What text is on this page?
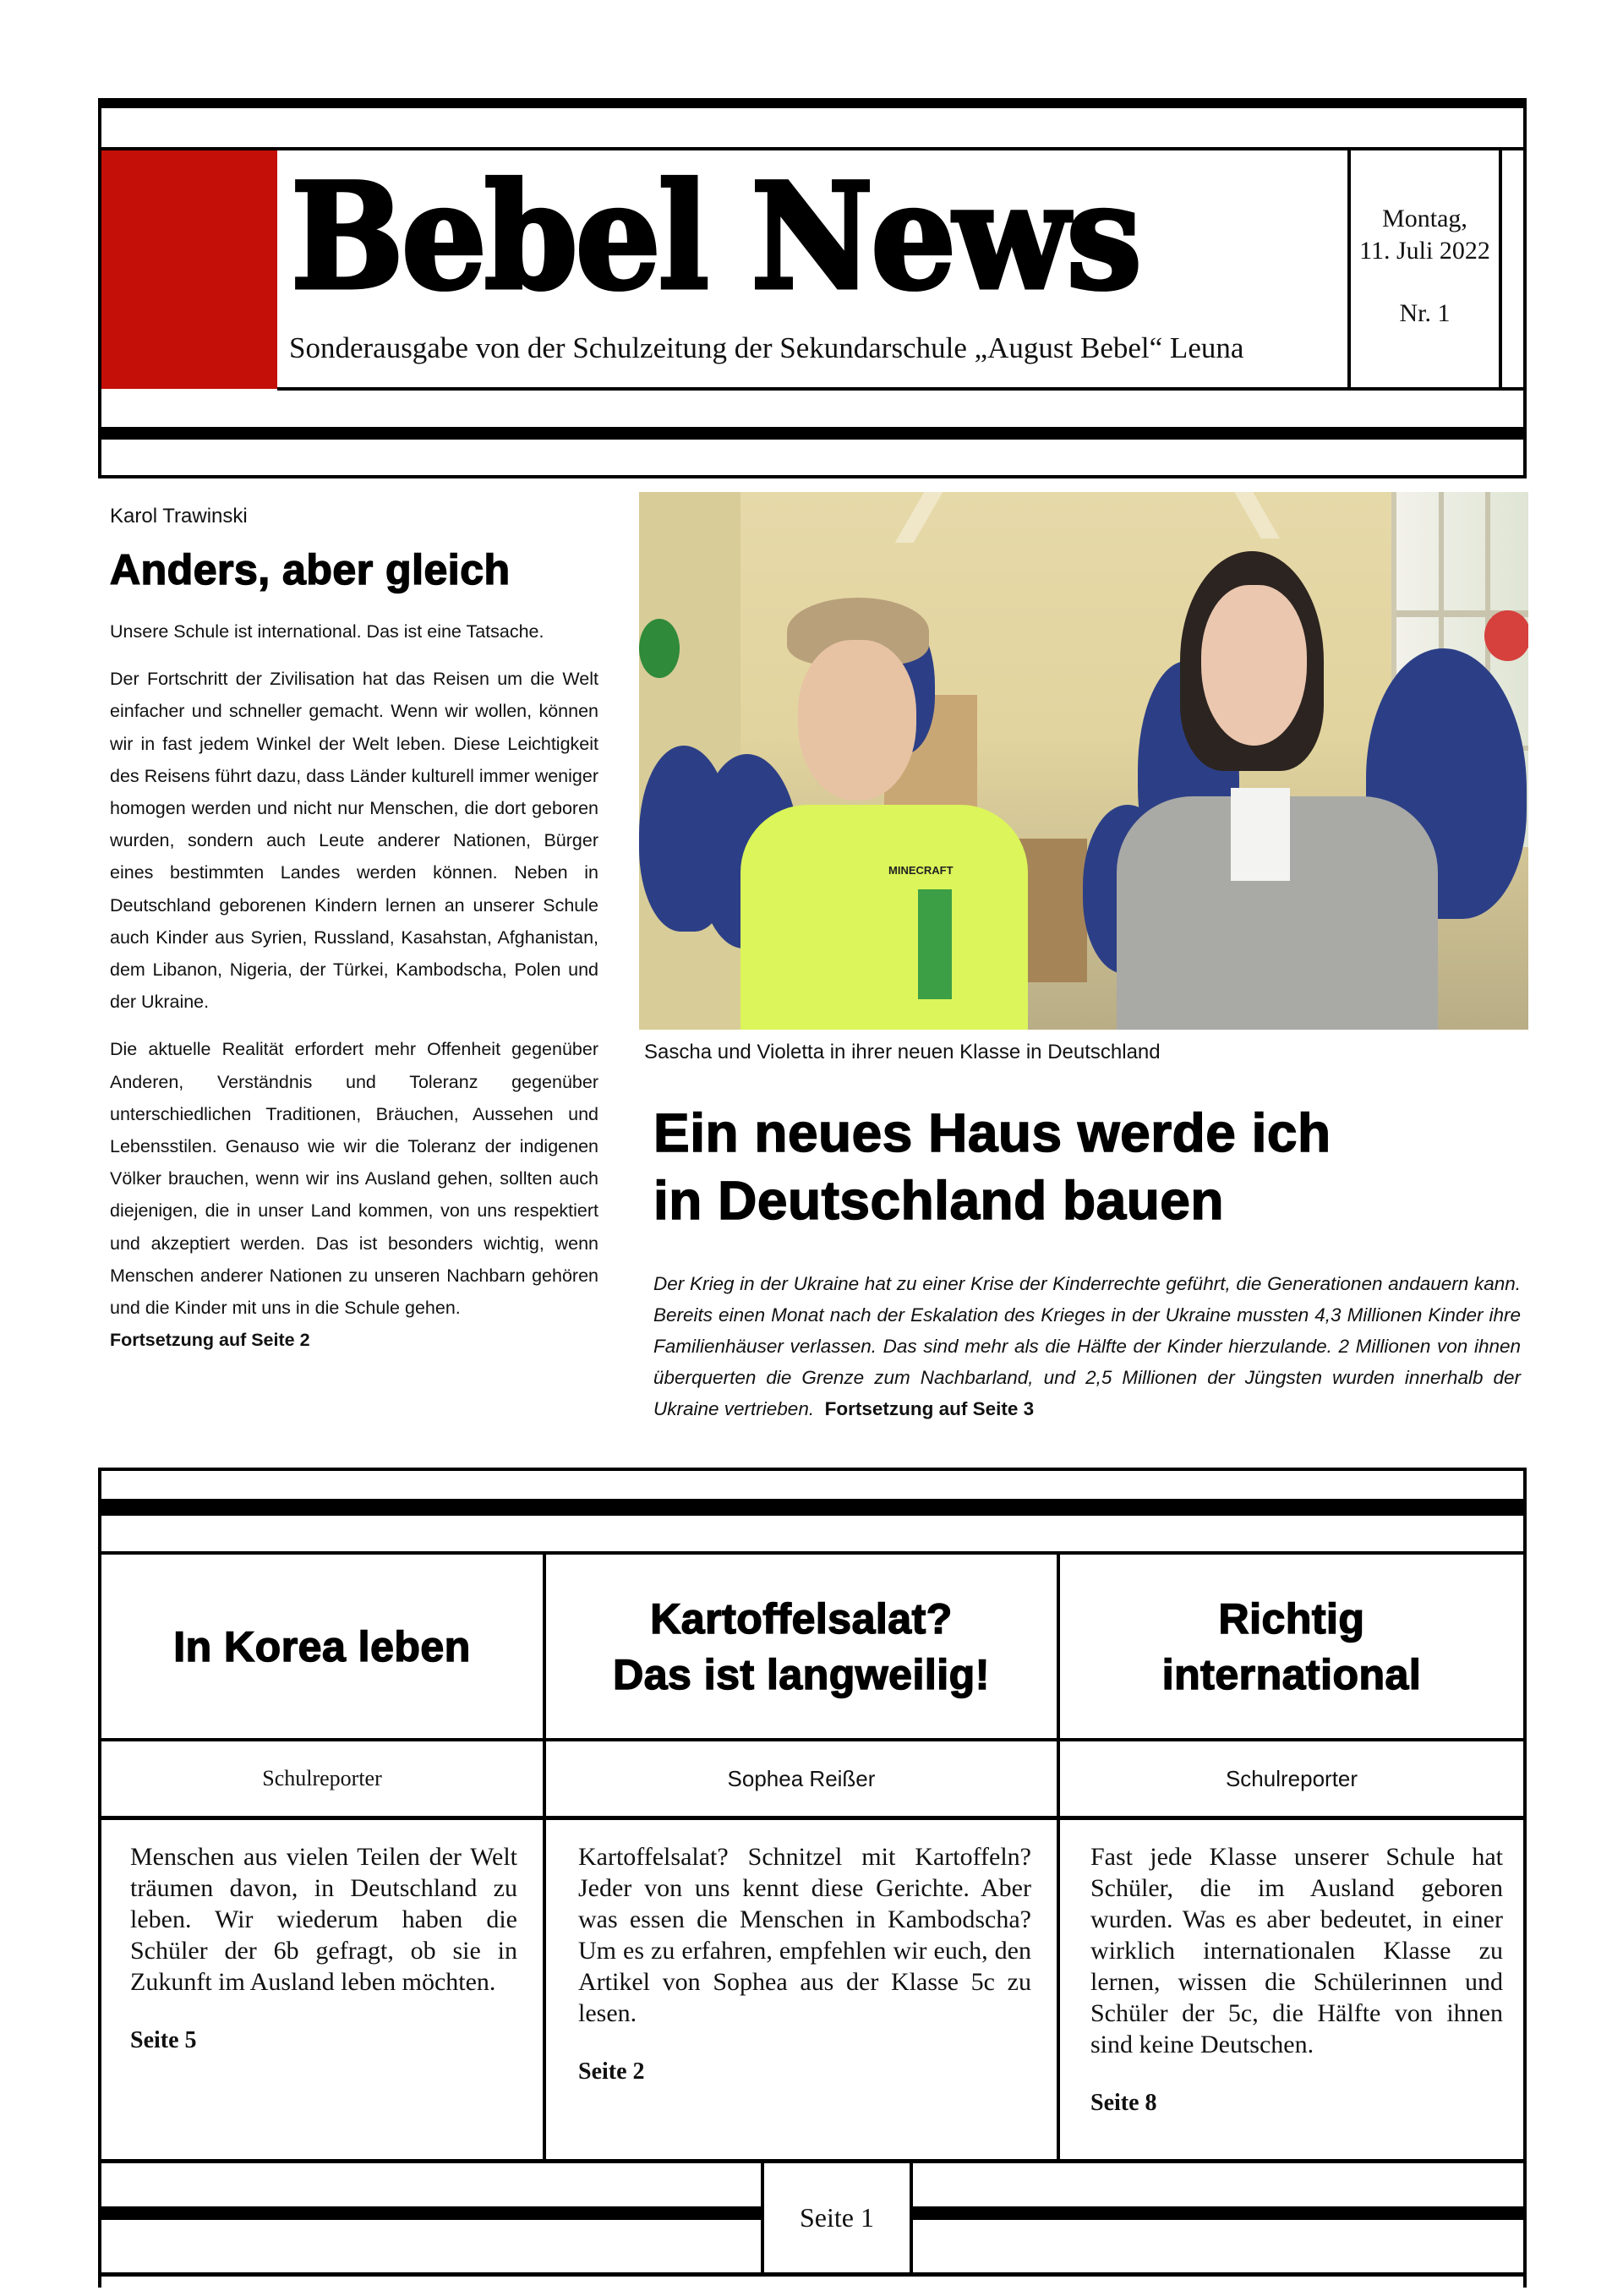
Bebel News
Sonderausgabe von der Schulzeitung der Sekundarschule „August Bebel“ Leuna
Montag,
11. Juli 2022
Nr. 1
Karol Trawinski
Anders, aber gleich

Unsere Schule ist international. Das ist eine Tatsache.

Der Fortschritt der Zivilisation hat das Reisen um die Welt einfacher und schneller gemacht. Wenn wir wollen, können wir in fast jedem Winkel der Welt leben. Diese Leichtigkeit des Reisens führt dazu, dass Länder kulturell immer weniger homogen werden und nicht nur Menschen, die dort geboren wurden, sondern auch Leute anderer Nationen, Bürger eines bestimmten Landes werden können. Neben in Deutschland geborenen Kindern lernen an unserer Schule auch Kinder aus Syrien, Russland, Kasahstan, Afghanistan, dem Libanon, Nigeria, der Türkei, Kambodscha, Polen und der Ukraine.

Die aktuelle Realität erfordert mehr Offenheit gegenüber Anderen, Verständnis und Toleranz gegenüber unterschiedlichen Traditionen, Bräuchen, Aussehen und Lebensstilen. Genauso wie wir die Toleranz der indigenen Völker brauchen, wenn wir ins Ausland gehen, sollten auch diejenigen, die in unser Land kommen, von uns respektiert und akzeptiert werden. Das ist besonders wichtig, wenn Menschen anderer Nationen zu unseren Nachbarn gehören und die Kinder mit uns in die Schule gehen.

Fortsetzung auf Seite 2
MINECRAFT
Sascha und Violetta in ihrer neuen Klasse in Deutschland
Ein neues Haus werde ich
in Deutschland bauen
Der Krieg in der Ukraine hat zu einer Krise der Kinderrechte geführt, die Generationen andauern kann. Bereits einen Monat nach der Eskalation des Krieges in der Ukraine mussten 4,3 Millionen Kinder ihre Familienhäuser verlassen. Das sind mehr als die Hälfte der Kinder hierzulande. 2 Millionen von ihnen überquerten die Grenze zum Nachbarland, und 2,5 Millionen der Jüngsten wurden innerhalb der Ukraine vertrieben. Fortsetzung auf Seite 3
In Korea leben
Schulreporter
Menschen aus vielen Teilen der Welt träumen davon, in Deutschland zu leben. Wir wiederum haben die Schüler der 6b gefragt, ob sie in Zukunft im Ausland leben möchten.
Seite 5
Kartoffelsalat?
Das ist langweilig!
Sophea Reißer
Kartoffelsalat? Schnitzel mit Kartoffeln? Jeder von uns kennt diese Gerichte. Aber was essen die Menschen in Kambodscha? Um es zu erfahren, empfehlen wir euch, den Artikel von Sophea aus der Klasse 5c zu lesen.
Seite 2
Richtig
international
Schulreporter
Fast jede Klasse unserer Schule hat Schüler, die im Ausland geboren wurden. Was es aber bedeutet, in einer wirklich internationalen Klasse zu lernen, wissen die Schülerinnen und Schüler der 5c, die Hälfte von ihnen sind keine Deutschen.
Seite 8
Seite 1
